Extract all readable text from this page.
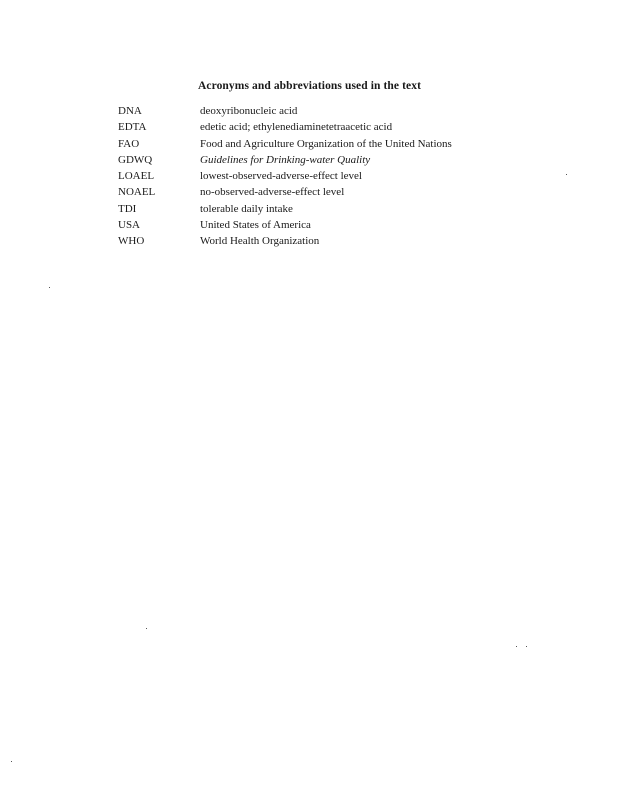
Acronyms and abbreviations used in the text
DNA	deoxyribonucleic acid
EDTA	edetic acid; ethylenediaminetetraacetic acid
FAO	Food and Agriculture Organization of the United Nations
GDWQ	Guidelines for Drinking-water Quality
LOAEL	lowest-observed-adverse-effect level
NOAEL	no-observed-adverse-effect level
TDI	tolerable daily intake
USA	United States of America
WHO	World Health Organization
